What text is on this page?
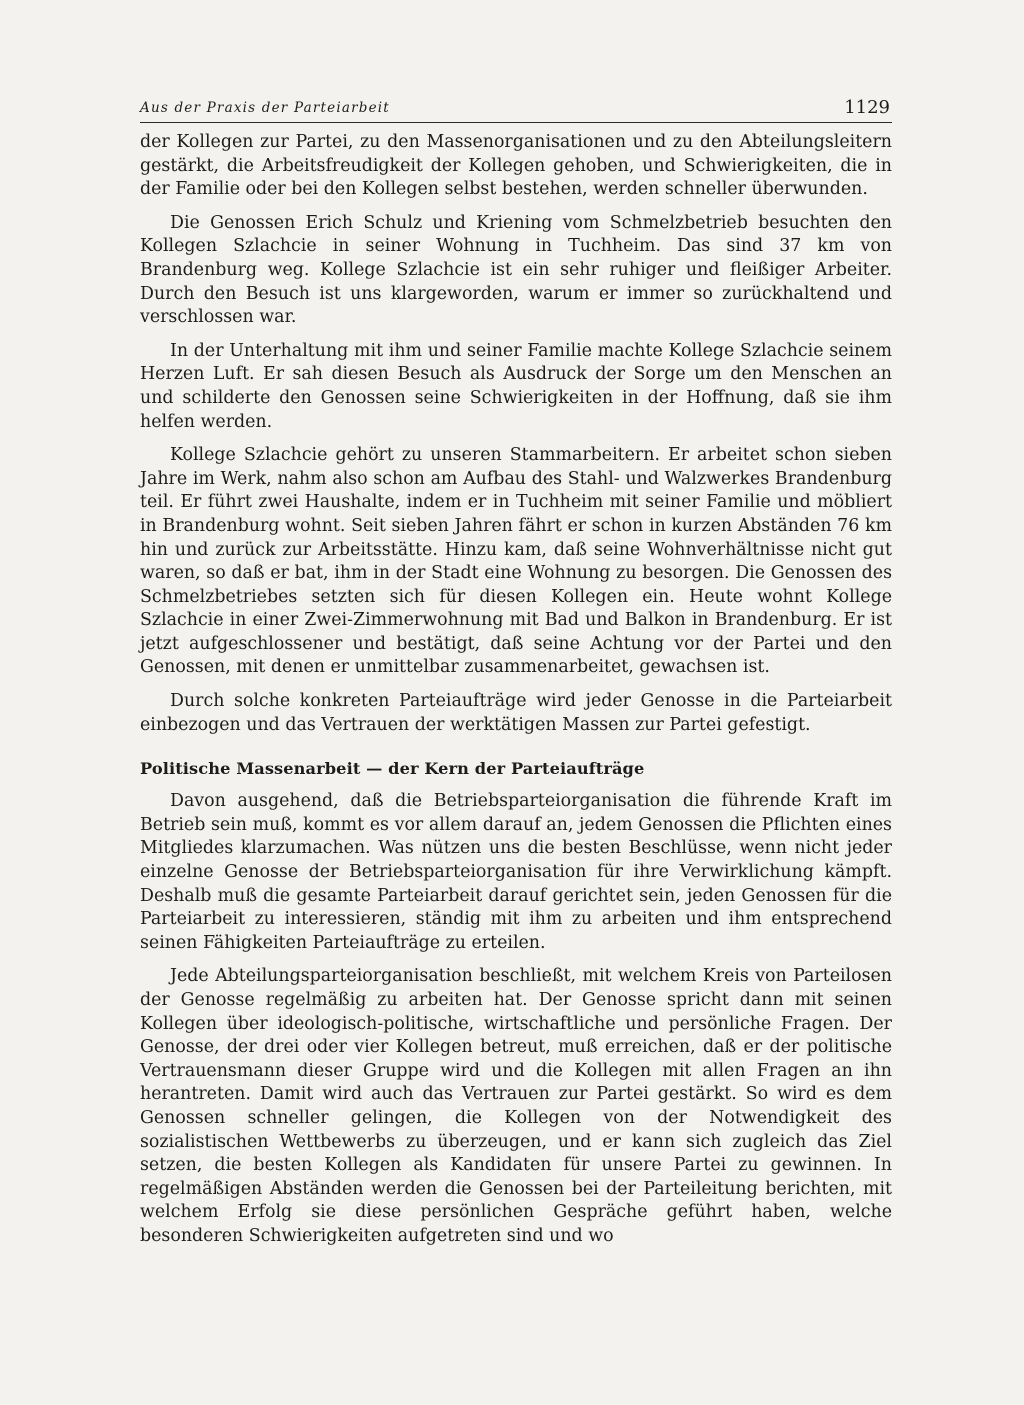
Aus der Praxis der Parteiarbeit	1129

der Kollegen zur Partei, zu den Massenorganisationen und zu den Abteilungsleitern gestärkt, die Arbeitsfreudigkeit der Kollegen gehoben, und Schwierigkeiten, die in der Familie oder bei den Kollegen selbst bestehen, werden schneller überwunden.

Die Genossen Erich Schulz und Kriening vom Schmelzbetrieb besuchten den Kollegen Szlachcie in seiner Wohnung in Tuchheim. Das sind 37 km von Brandenburg weg. Kollege Szlachcie ist ein sehr ruhiger und fleißiger Arbeiter. Durch den Besuch ist uns klargeworden, warum er immer so zurückhaltend und verschlossen war.

In der Unterhaltung mit ihm und seiner Familie machte Kollege Szlachcie seinem Herzen Luft. Er sah diesen Besuch als Ausdruck der Sorge um den Menschen an und schilderte den Genossen seine Schwierigkeiten in der Hoffnung, daß sie ihm helfen werden.

Kollege Szlachcie gehört zu unseren Stammarbeitern. Er arbeitet schon sieben Jahre im Werk, nahm also schon am Aufbau des Stahl- und Walzwerkes Brandenburg teil. Er führt zwei Haushalte, indem er in Tuchheim mit seiner Familie und möbliert in Brandenburg wohnt. Seit sieben Jahren fährt er schon in kurzen Abständen 76 km hin und zurück zur Arbeitsstätte. Hinzu kam, daß seine Wohnverhältnisse nicht gut waren, so daß er bat, ihm in der Stadt eine Wohnung zu besorgen. Die Genossen des Schmelzbetriebes setzten sich für diesen Kollegen ein. Heute wohnt Kollege Szlachcie in einer Zwei-Zimmerwohnung mit Bad und Balkon in Brandenburg. Er ist jetzt aufgeschlossener und bestätigt, daß seine Achtung vor der Partei und den Genossen, mit denen er unmittelbar zusammenarbeitet, gewachsen ist.

Durch solche konkreten Parteiaufträge wird jeder Genosse in die Parteiarbeit einbezogen und das Vertrauen der werktätigen Massen zur Partei gefestigt.

Politische Massenarbeit — der Kern der Parteiaufträge

Davon ausgehend, daß die Betriebsparteiorganisation die führende Kraft im Betrieb sein muß, kommt es vor allem darauf an, jedem Genossen die Pflichten eines Mitgliedes klarzumachen. Was nützen uns die besten Beschlüsse, wenn nicht jeder einzelne Genosse der Betriebsparteiorganisation für ihre Verwirklichung kämpft. Deshalb muß die gesamte Parteiarbeit darauf gerichtet sein, jeden Genossen für die Parteiarbeit zu interessieren, ständig mit ihm zu arbeiten und ihm entsprechend seinen Fähigkeiten Parteiaufträge zu erteilen.

Jede Abteilungsparteiorganisation beschließt, mit welchem Kreis von Parteilosen der Genosse regelmäßig zu arbeiten hat. Der Genosse spricht dann mit seinen Kollegen über ideologisch-politische, wirtschaftliche und persönliche Fragen. Der Genosse, der drei oder vier Kollegen betreut, muß erreichen, daß er der politische Vertrauensmann dieser Gruppe wird und die Kollegen mit allen Fragen an ihn herantreten. Damit wird auch das Vertrauen zur Partei gestärkt. So wird es dem Genossen schneller gelingen, die Kollegen von der Notwendigkeit des sozialistischen Wettbewerbs zu überzeugen, und er kann sich zugleich das Ziel setzen, die besten Kollegen als Kandidaten für unsere Partei zu gewinnen. In regelmäßigen Abständen werden die Genossen bei der Parteileitung berichten, mit welchem Erfolg sie diese persönlichen Gespräche geführt haben, welche besonderen Schwierigkeiten aufgetreten sind und wo
